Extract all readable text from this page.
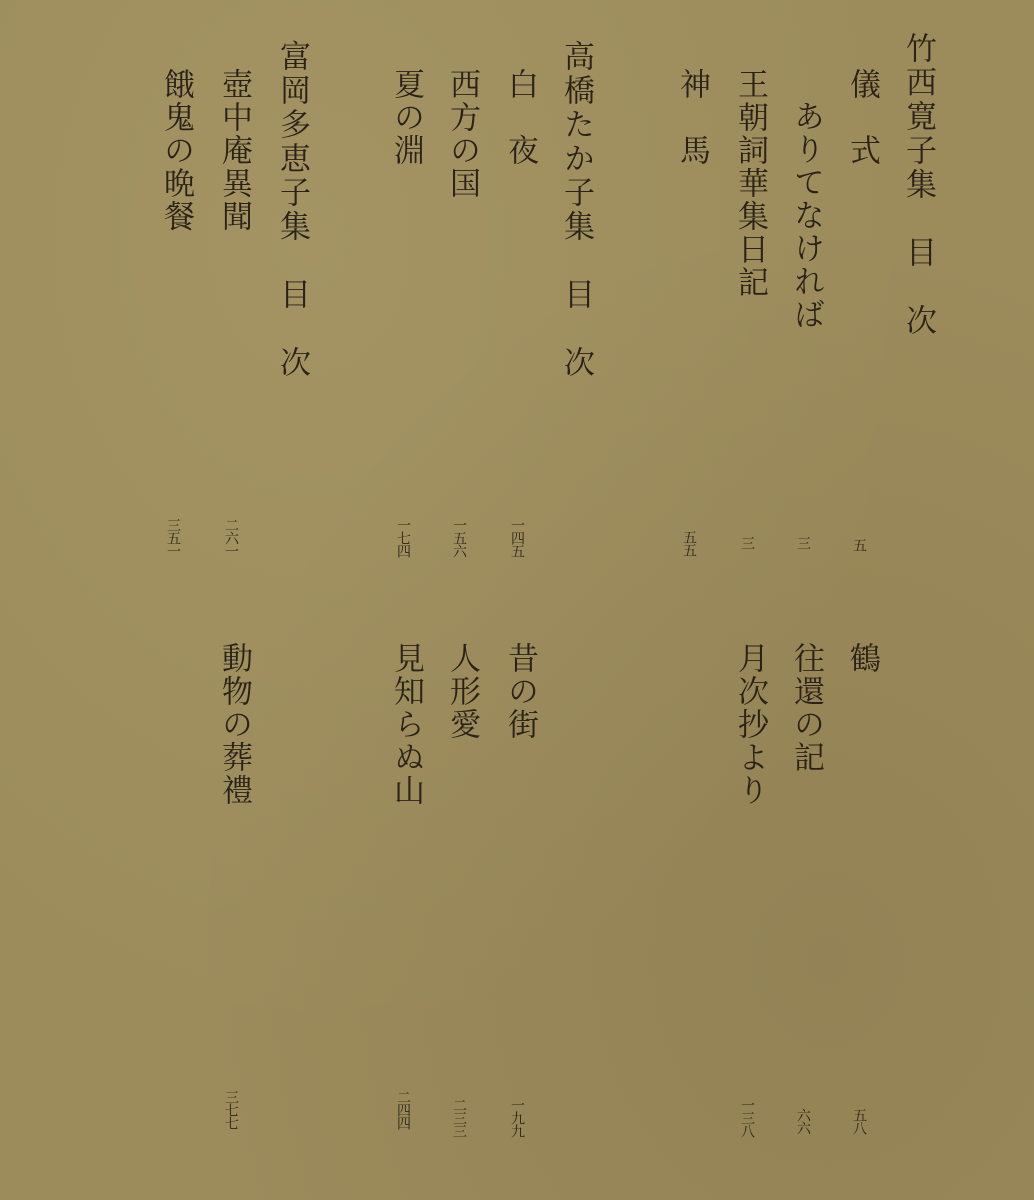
竹西寛子集　目　次
儀　式
五
鶴
五八
ありてなければ
三
往還の記
六六
王朝詞華集日記
三
月次抄より
一三八
神　馬
五五
高橋たか子集　目　次
白　夜
一四五
昔の街
一九九
西方の国
一五六
人形愛
二三三
夏の淵
一七四
見知らぬ山
二四四
富岡多恵子集　目　次
壺中庵異聞
二六一
動物の葬禮
三七七
餓鬼の晩餐
三五一
